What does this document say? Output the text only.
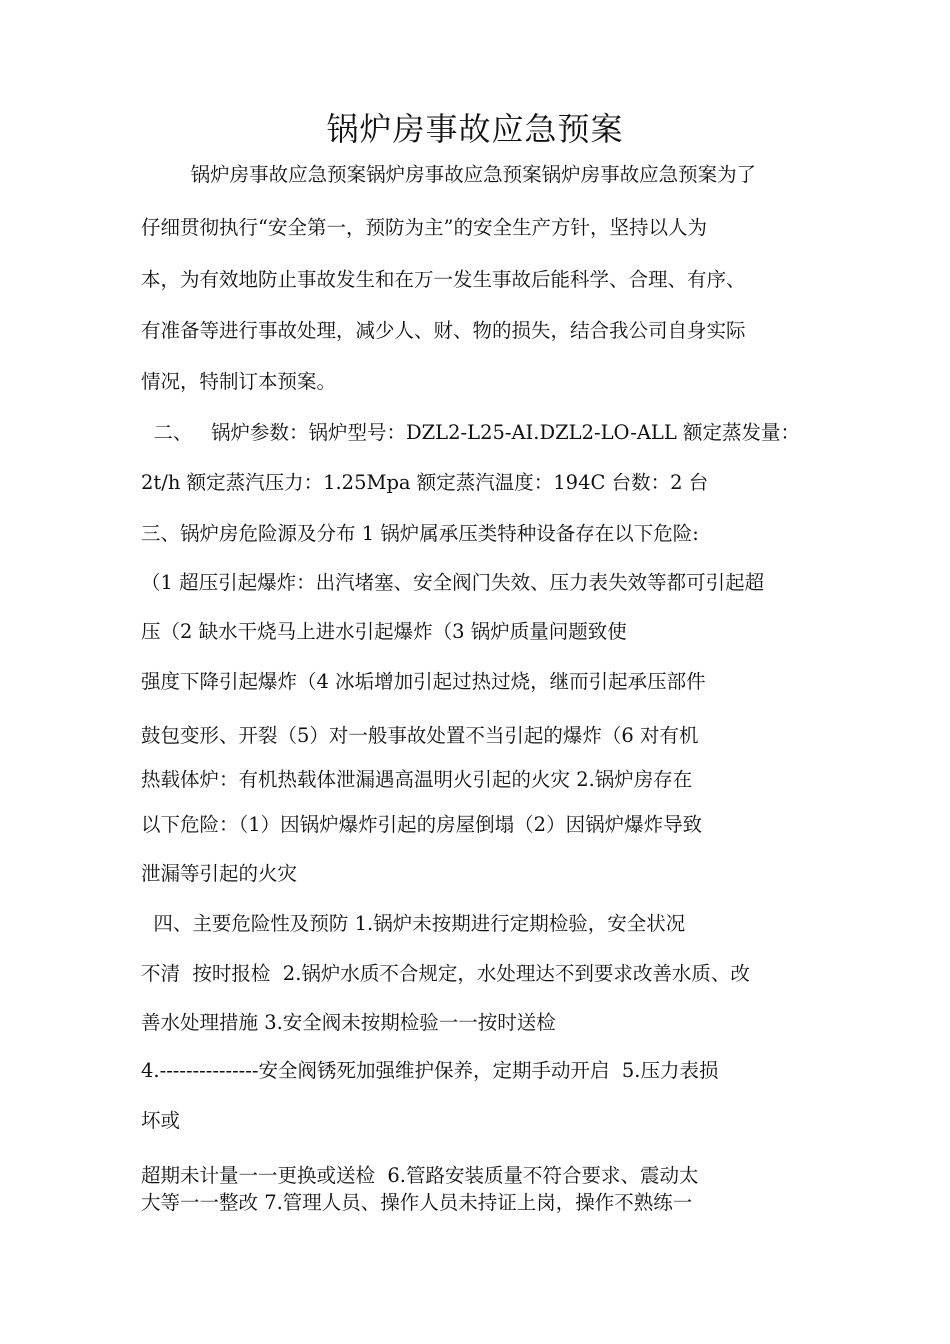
锅炉房事故应急预案
锅炉房事故应急预案锅炉房事故应急预案锅炉房事故应急预案为了
仔细贯彻执行“安全第一，预防为主”的安全生产方针，坚持以人为
本，为有效地防止事故发生和在万一发生事故后能科学、合理、有序、
有准备等进行事故处理，减少人、财、物的损失，结合我公司自身实际
情况，特制订本预案。
二、   锅炉参数：锅炉型号：DZL2-L25-AI.DZL2-LO-ALL 额定蒸发量：
2t/h 额定蒸汽压力：1.25Mpa 额定蒸汽温度：194C 台数：2 台
三、锅炉房危险源及分布 1 锅炉属承压类特种设备存在以下危险:
（1 超压引起爆炸：出汽堵塞、安全阀门失效、压力表失效等都可引起超
压（2 缺水干烧马上进水引起爆炸（3 锅炉质量问题致使
强度下降引起爆炸（4 冰垢增加引起过热过烧，继而引起承压部件
鼓包变形、开裂（5）对一般事故处置不当引起的爆炸（6 对有机
热载体炉：有机热载体泄漏遇高温明火引起的火灾 2.锅炉房存在
以下危险：（1）因锅炉爆炸引起的房屋倒塌（2）因锅炉爆炸导致
泄漏等引起的火灾
四、主要危险性及预防 1.锅炉未按期进行定期检验，安全状况
不清  按时报检  2.锅炉水质不合规定，水处理达不到要求改善水质、改
善水处理措施 3.安全阀未按期检验一一按时送检
4.---------------安全阀锈死加强维护保养，定期手动开启  5.压力表损
坏或
超期未计量一一更换或送检  6.管路安装质量不符合要求、震动太
大等一一整改 7.管理人员、操作人员未持证上岗，操作不熟练一
